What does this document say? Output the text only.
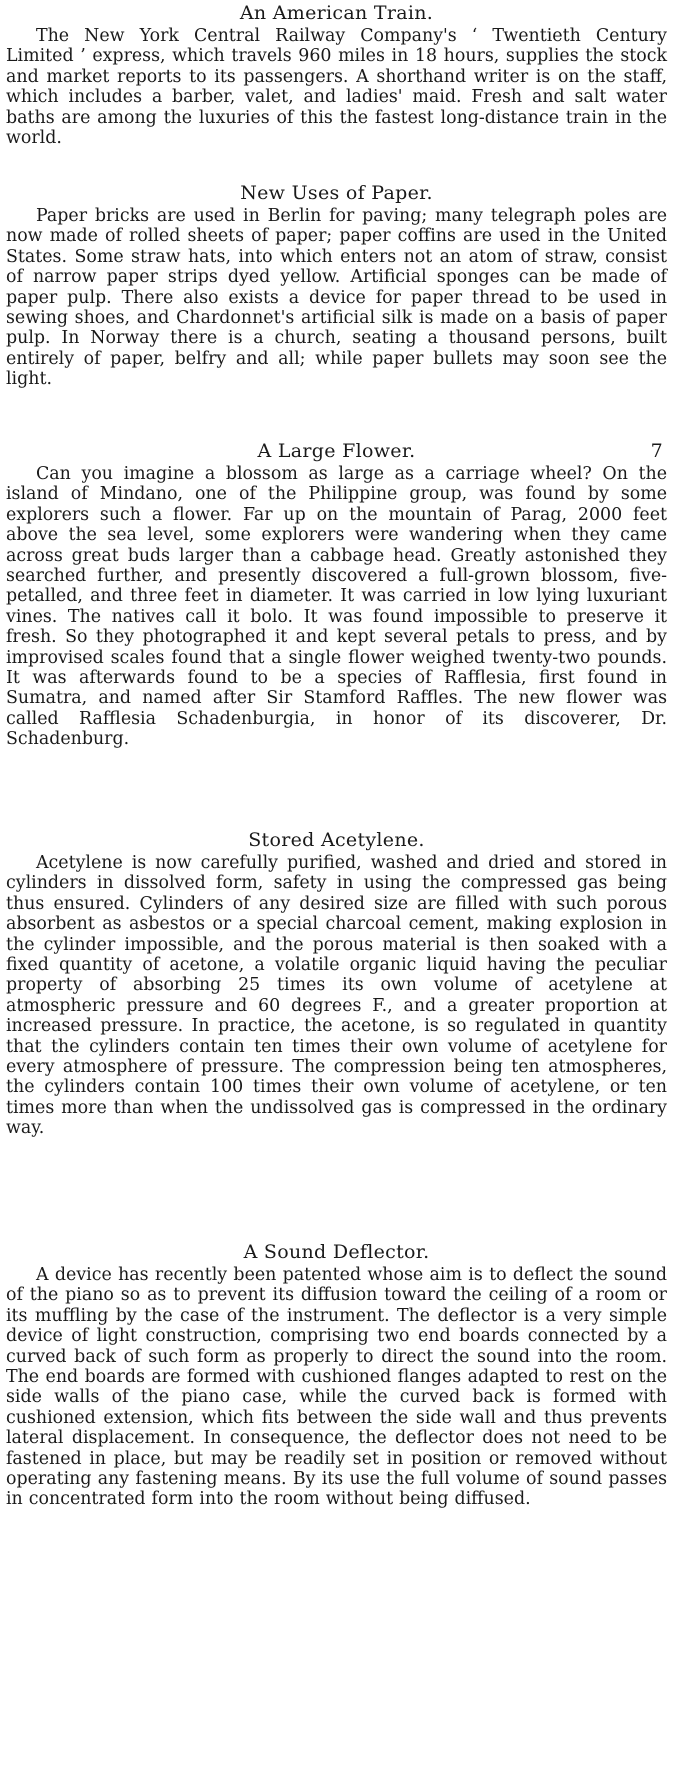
An American Train.

The New York Central Railway Company's ‘ Twentieth Century Limited ’ express, which travels 960 miles in 18 hours, supplies the stock and market reports to its passengers. A shorthand writer is on the staff, which includes a barber, valet, and ladies' maid. Fresh and salt water baths are among the luxuries of this the fastest long-distance train in the world.

New Uses of Paper.

Paper bricks are used in Berlin for paving; many telegraph poles are now made of rolled sheets of paper; paper coffins are used in the United States. Some straw hats, into which enters not an atom of straw, consist of narrow paper strips dyed yellow. Artificial sponges can be made of paper pulp. There also exists a device for paper thread to be used in sewing shoes, and Chardonnet's artificial silk is made on a basis of paper pulp. In Norway there is a church, seating a thousand persons, built entirely of paper, belfry and all; while paper bullets may soon see the light.

A Large Flower.	7

Can you imagine a blossom as large as a carriage wheel? On the island of Mindano, one of the Philippine group, was found by some explorers such a flower. Far up on the mountain of Parag, 2000 feet above the sea level, some explorers were wandering when they came across great buds larger than a cabbage head. Greatly astonished they searched further, and presently discovered a full-grown blossom, five-petalled, and three feet in diameter. It was carried in low lying luxuriant vines. The natives call it bolo. It was found impossible to preserve it fresh. So they photographed it and kept several petals to press, and by improvised scales found that a single flower weighed twenty-two pounds. It was afterwards found to be a species of Rafflesia, first found in Sumatra, and named after Sir Stamford Raffles. The new flower was called Rafflesia Schadenburgia, in honor of its discoverer, Dr. Schadenburg.

Stored Acetylene.

Acetylene is now carefully purified, washed and dried and stored in cylinders in dissolved form, safety in using the compressed gas being thus ensured. Cylinders of any desired size are filled with such porous absorbent as asbestos or a special charcoal cement, making explosion in the cylinder impossible, and the porous material is then soaked with a fixed quantity of acetone, a volatile organic liquid having the peculiar property of absorbing 25 times its own volume of acetylene at atmospheric pressure and 60 degrees F., and a greater proportion at increased pressure. In practice, the acetone, is so regulated in quantity that the cylinders contain ten times their own volume of acetylene for every atmosphere of pressure. The compression being ten atmospheres, the cylinders contain 100 times their own volume of acetylene, or ten times more than when the undissolved gas is compressed in the ordinary way.

A Sound Deflector.

A device has recently been patented whose aim is to deflect the sound of the piano so as to prevent its diffusion toward the ceiling of a room or its muffling by the case of the instrument. The deflector is a very simple device of light construction, comprising two end boards connected by a curved back of such form as properly to direct the sound into the room. The end boards are formed with cushioned flanges adapted to rest on the side walls of the piano case, while the curved back is formed with cushioned extension, which fits between the side wall and thus prevents lateral displacement. In consequence, the deflector does not need to be fastened in place, but may be readily set in position or removed without operating any fastening means. By its use the full volume of sound passes in concentrated form into the room without being diffused.
